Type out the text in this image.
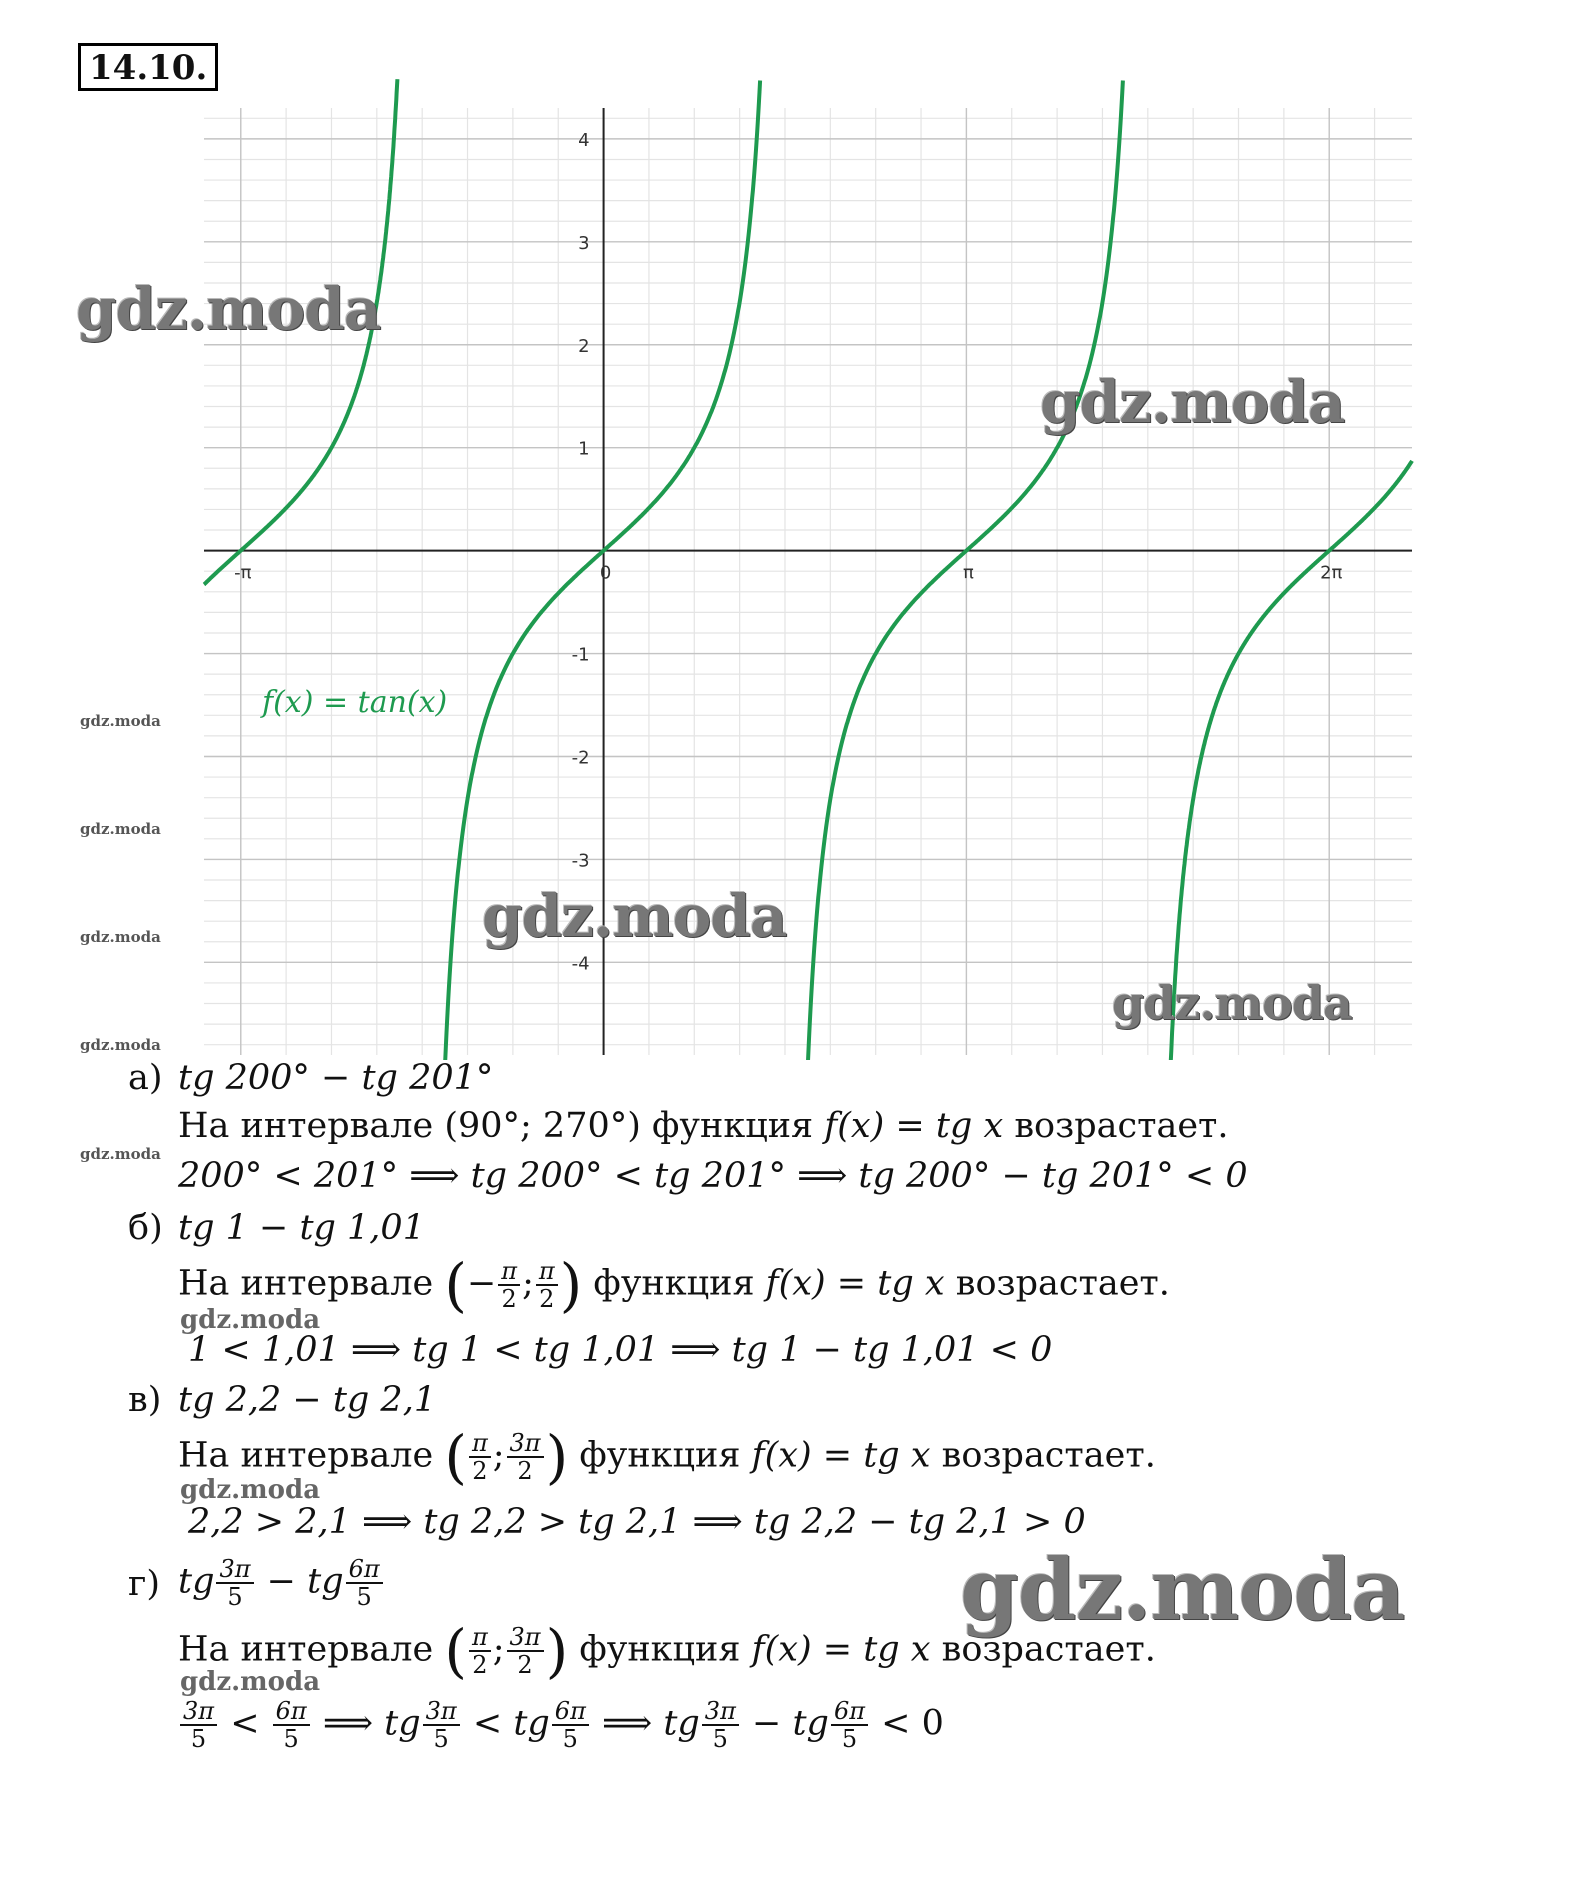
14.10.
-π	0	π	2π
4
3
2
1
-1
-2
-3
-4
f(x) = tan(x)
gdz.moda
gdz.moda
gdz.moda
gdz.moda
gdz.moda
gdz.moda
gdz.moda
gdz.moda
gdz.moda
gdz.moda
gdz.moda
gdz.moda
gdz.moda
а) tg 200° − tg 201°
На интервале (90°; 270°) функция f(x) = tg x возрастает.
200° < 201° ⟹ tg 200° < tg 201° ⟹ tg 200° − tg 201° < 0
б) tg 1 − tg 1,01
На интервале (− $\frac{\pi}{2}$ ; $\frac{\pi}{2}$ ) функция f(x) = tg x возрастает.
1 < 1,01 ⟹ tg 1 < tg 1,01 ⟹ tg 1 − tg 1,01 < 0
в) tg 2,2 − tg 2,1
На интервале ( $\frac{\pi}{2}$ ; $\frac{3\pi}{2}$ ) функция f(x) = tg x возрастает.
2,2 > 2,1 ⟹ tg 2,2 > tg 2,1 ⟹ tg 2,2 − tg 2,1 > 0
г) tg $\frac{3\pi}{5}$ − tg $\frac{6\pi}{5}$
На интервале ( $\frac{\pi}{2}$ ; $\frac{3\pi}{2}$ ) функция f(x) = tg x возрастает.
$\frac{3\pi}{5} < \frac{6\pi}{5}$ ⟹ tg $\frac{3\pi}{5}$ < tg $\frac{6\pi}{5}$ ⟹ tg $\frac{3\pi}{5}$ − tg $\frac{6\pi}{5} < 0$
